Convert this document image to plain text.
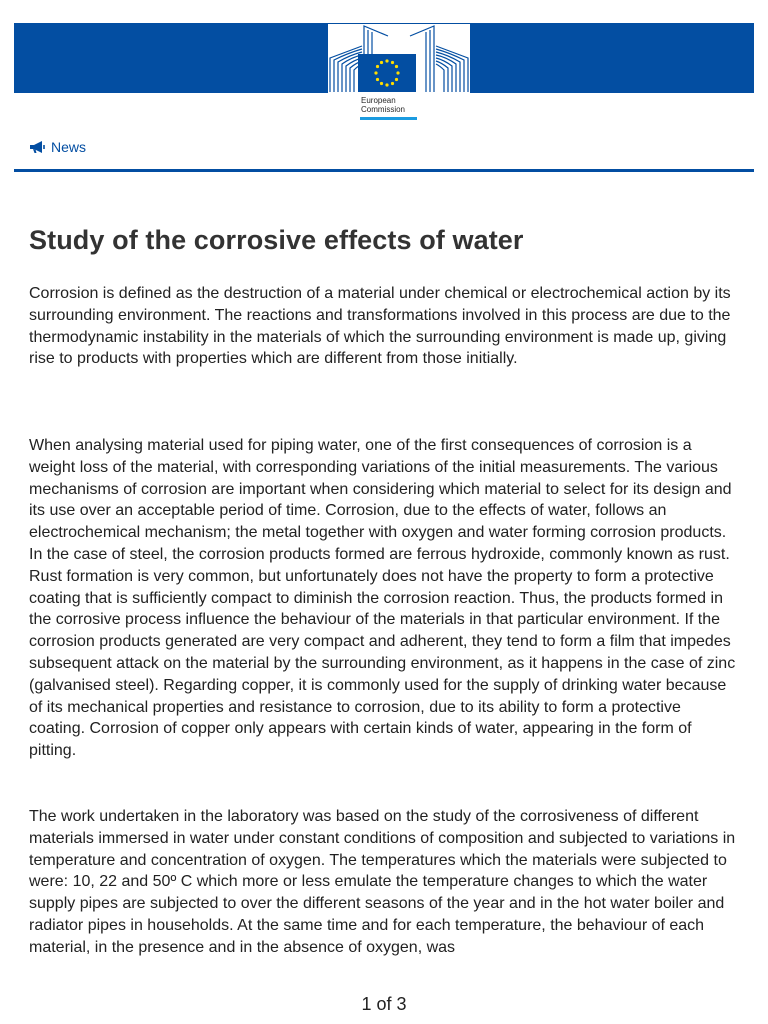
European
Commission
News
Study of the corrosive effects of water

Corrosion is defined as the destruction of a material under chemical or electrochemical action by its surrounding environment. The reactions and transformations involved in this process are due to the thermodynamic instability in the materials of which the surrounding environment is made up, giving rise to products with properties which are different from those initially.

When analysing material used for piping water, one of the first consequences of corrosion is a weight loss of the material, with corresponding variations of the initial measurements. The various mechanisms of corrosion are important when considering which material to select for its design and its use over an acceptable period of time. Corrosion, due to the effects of water, follows an electrochemical mechanism; the metal together with oxygen and water forming corrosion products. In the case of steel, the corrosion products formed are ferrous hydroxide, commonly known as rust. Rust formation is very common, but unfortunately does not have the property to form a protective coating that is sufficiently compact to diminish the corrosion reaction. Thus, the products formed in the corrosive process influence the behaviour of the materials in that particular environment. If the corrosion products generated are very compact and adherent, they tend to form a film that impedes subsequent attack on the material by the surrounding environment, as it happens in the case of zinc (galvanised steel). Regarding copper, it is commonly used for the supply of drinking water because of its mechanical properties and resistance to corrosion, due to its ability to form a protective coating. Corrosion of copper only appears with certain kinds of water, appearing in the form of pitting.

The work undertaken in the laboratory was based on the study of the corrosiveness of different materials immersed in water under constant conditions of composition and subjected to variations in temperature and concentration of oxygen. The temperatures which the materials were subjected to were: 10, 22 and 50º C which more or less emulate the temperature changes to which the water supply pipes are subjected to over the different seasons of the year and in the hot water boiler and radiator pipes in households. At the same time and for each temperature, the behaviour of each material, in the presence and in the absence of oxygen, was

1 of 3
